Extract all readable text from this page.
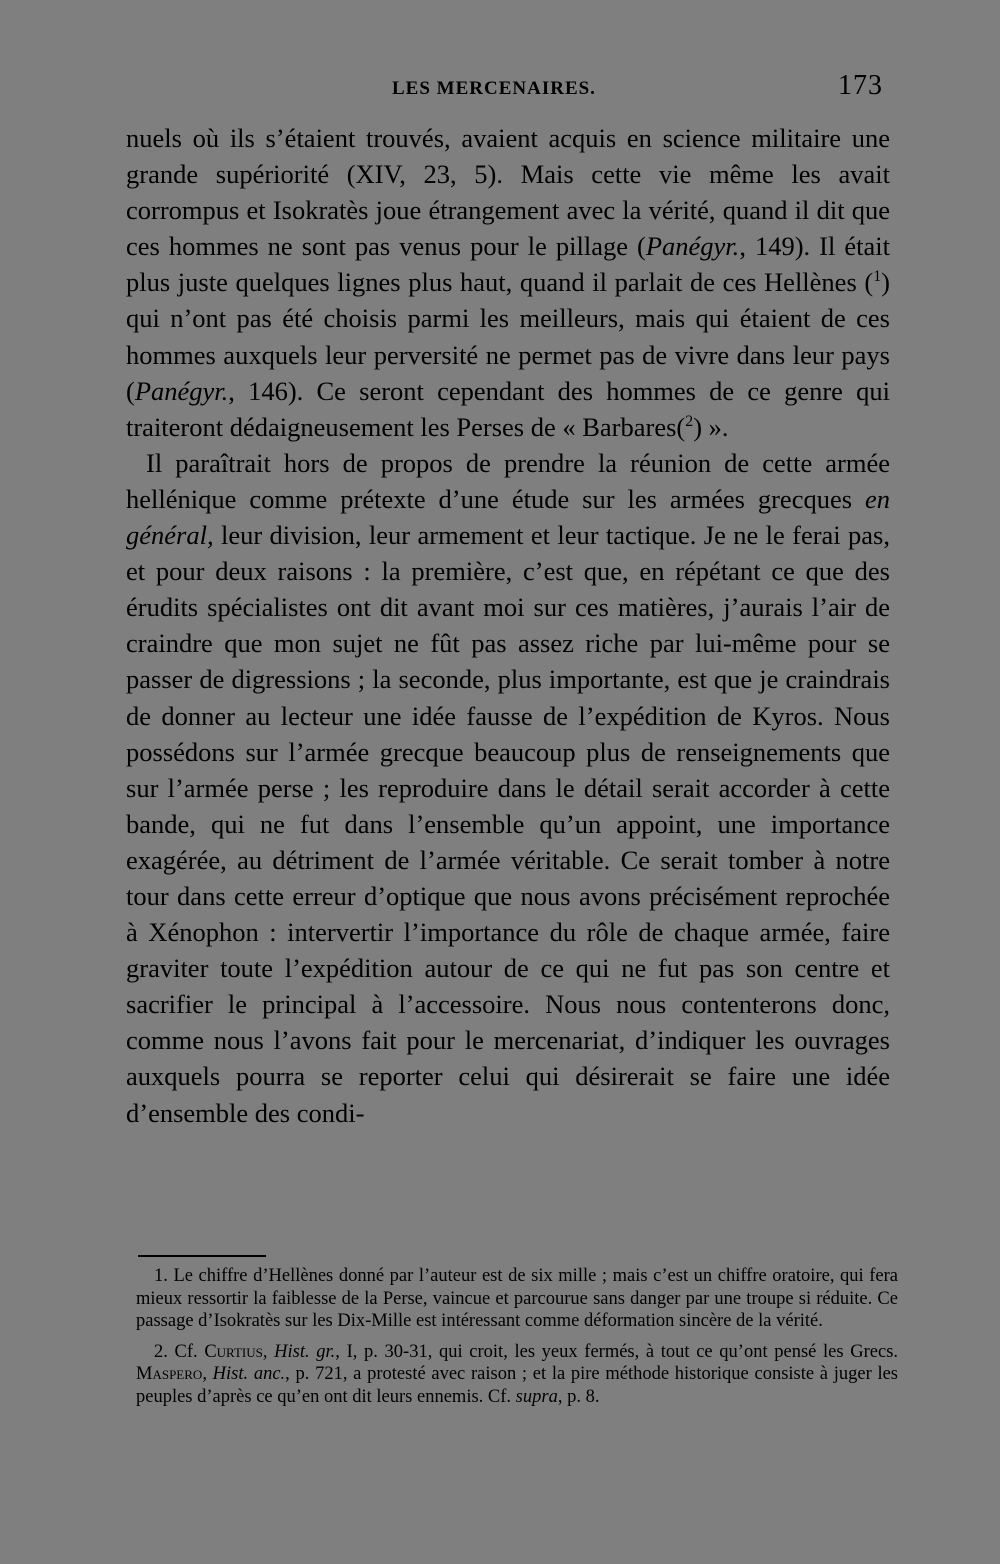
LES MERCENAIRES.	173

nuels où ils s’étaient trouvés, avaient acquis en science militaire une grande supériorité (XIV, 23, 5). Mais cette vie même les avait corrompus et Isokratès joue étrangement avec la vérité, quand il dit que ces hommes ne sont pas venus pour le pillage (Panégyr., 149). Il était plus juste quelques lignes plus haut, quand il parlait de ces Hellènes ($^1$) qui n’ont pas été choisis parmi les meilleurs, mais qui étaient de ces hommes auxquels leur perversité ne permet pas de vivre dans leur pays (Panégyr., 146). Ce seront cependant des hommes de ce genre qui traiteront dédaigneusement les Perses de « Barbares($^2$) ».

Il paraîtrait hors de propos de prendre la réunion de cette armée hellénique comme prétexte d’une étude sur les armées grecques en général, leur division, leur armement et leur tactique. Je ne le ferai pas, et pour deux raisons : la première, c’est que, en répétant ce que des érudits spécialistes ont dit avant moi sur ces matières, j’aurais l’air de craindre que mon sujet ne fût pas assez riche par lui-même pour se passer de digressions ; la seconde, plus importante, est que je craindrais de donner au lecteur une idée fausse de l’expédition de Kyros. Nous possédons sur l’armée grecque beaucoup plus de renseignements que sur l’armée perse ; les reproduire dans le détail serait accorder à cette bande, qui ne fut dans l’ensemble qu’un appoint, une importance exagérée, au détriment de l’armée véritable. Ce serait tomber à notre tour dans cette erreur d’optique que nous avons précisément reprochée à Xénophon : intervertir l’importance du rôle de chaque armée, faire graviter toute l’expédition autour de ce qui ne fut pas son centre et sacrifier le principal à l’accessoire. Nous nous contenterons donc, comme nous l’avons fait pour le mercenariat, d’indiquer les ouvrages auxquels pourra se reporter celui qui désirerait se faire une idée d’ensemble des condi-

1. Le chiffre d’Hellènes donné par l’auteur est de six mille ; mais c’est un chiffre oratoire, qui fera mieux ressortir la faiblesse de la Perse, vaincue et parcourue sans danger par une troupe si réduite. Ce passage d’Isokratès sur les Dix-Mille est intéressant comme déformation sincère de la vérité.

2. Cf. Curtius, Hist. gr., I, p. 30-31, qui croit, les yeux fermés, à tout ce qu’ont pensé les Grecs. Maspero, Hist. anc., p. 721, a protesté avec raison ; et la pire méthode historique consiste à juger les peuples d’après ce qu’en ont dit leurs ennemis. Cf. supra, p. 8.
